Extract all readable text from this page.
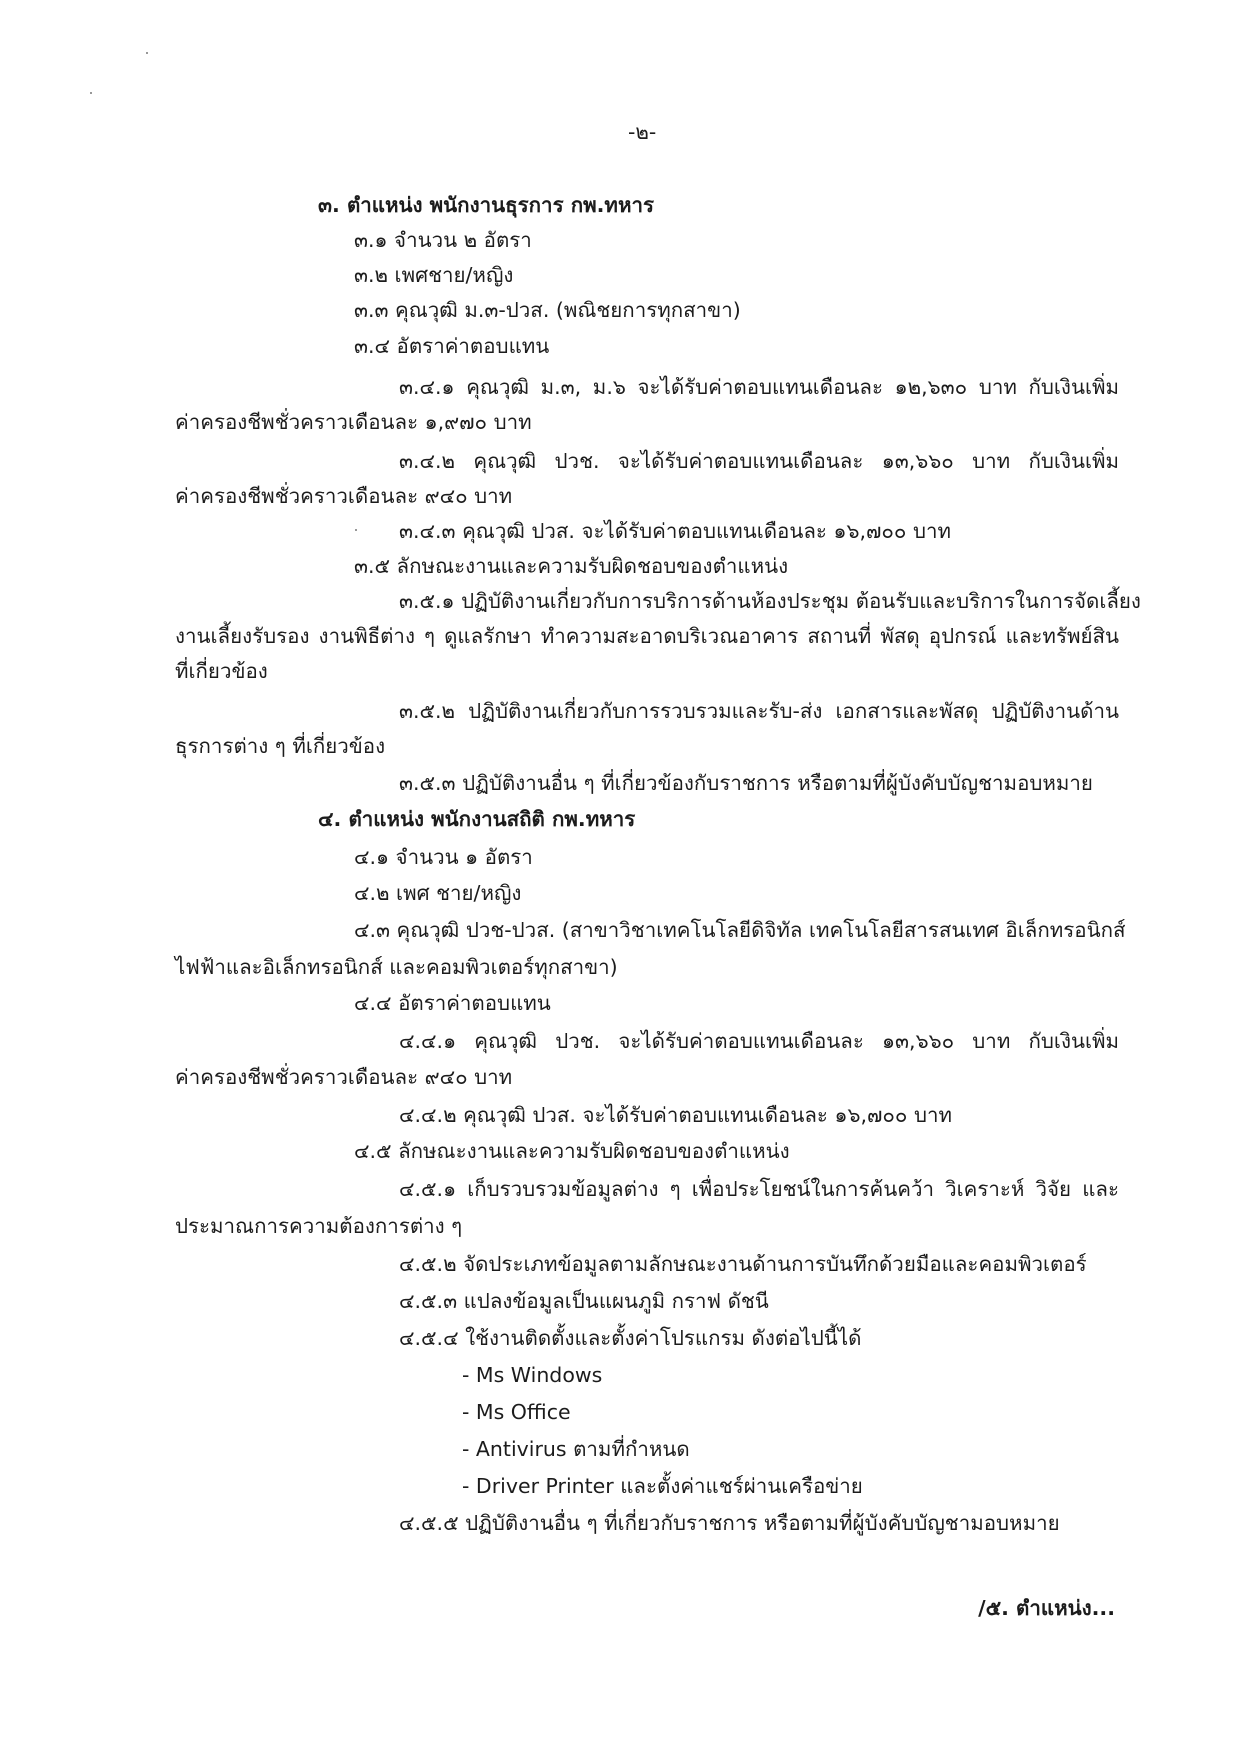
-๒-
๓. ตำแหน่ง พนักงานธุรการ กพ.ทหาร
๓.๑ จำนวน ๒ อัตรา
๓.๒ เพศชาย/หญิง
๓.๓ คุณวุฒิ ม.๓-ปวส. (พณิชยการทุกสาขา)
๓.๔ อัตราค่าตอบแทน
๓.๔.๑ คุณวุฒิ ม.๓, ม.๖ จะได้รับค่าตอบแทนเดือนละ ๑๒,๖๓๐ บาท กับเงินเพิ่ม
ค่าครองชีพชั่วคราวเดือนละ ๑,๙๗๐ บาท
๓.๔.๒ คุณวุฒิ ปวช. จะได้รับค่าตอบแทนเดือนละ ๑๓,๖๖๐ บาท กับเงินเพิ่ม
ค่าครองชีพชั่วคราวเดือนละ ๙๔๐ บาท
๓.๔.๓ คุณวุฒิ ปวส. จะได้รับค่าตอบแทนเดือนละ ๑๖,๗๐๐ บาท
๓.๕ ลักษณะงานและความรับผิดชอบของตำแหน่ง
๓.๕.๑ ปฏิบัติงานเกี่ยวกับการบริการด้านห้องประชุม ต้อนรับและบริการในการจัดเลี้ยง
งานเลี้ยงรับรอง งานพิธีต่าง ๆ ดูแลรักษา ทำความสะอาดบริเวณอาคาร สถานที่ พัสดุ อุปกรณ์ และทรัพย์สิน
ที่เกี่ยวข้อง
๓.๕.๒ ปฏิบัติงานเกี่ยวกับการรวบรวมและรับ-ส่ง เอกสารและพัสดุ ปฏิบัติงานด้าน
ธุรการต่าง ๆ ที่เกี่ยวข้อง
๓.๕.๓ ปฏิบัติงานอื่น ๆ ที่เกี่ยวข้องกับราชการ หรือตามที่ผู้บังคับบัญชามอบหมาย
๔. ตำแหน่ง พนักงานสถิติ กพ.ทหาร
๔.๑ จำนวน ๑ อัตรา
๔.๒ เพศ ชาย/หญิง
๔.๓ คุณวุฒิ ปวช-ปวส. (สาขาวิชาเทคโนโลยีดิจิทัล เทคโนโลยีสารสนเทศ อิเล็กทรอนิกส์
ไฟฟ้าและอิเล็กทรอนิกส์ และคอมพิวเตอร์ทุกสาขา)
๔.๔ อัตราค่าตอบแทน
๔.๔.๑ คุณวุฒิ ปวช. จะได้รับค่าตอบแทนเดือนละ ๑๓,๖๖๐ บาท กับเงินเพิ่ม
ค่าครองชีพชั่วคราวเดือนละ ๙๔๐ บาท
๔.๔.๒ คุณวุฒิ ปวส. จะได้รับค่าตอบแทนเดือนละ ๑๖,๗๐๐ บาท
๔.๕ ลักษณะงานและความรับผิดชอบของตำแหน่ง
๔.๕.๑ เก็บรวบรวมข้อมูลต่าง ๆ เพื่อประโยชน์ในการค้นคว้า วิเคราะห์ วิจัย และ
ประมาณการความต้องการต่าง ๆ
๔.๕.๒ จัดประเภทข้อมูลตามลักษณะงานด้านการบันทึกด้วยมือและคอมพิวเตอร์
๔.๕.๓ แปลงข้อมูลเป็นแผนภูมิ กราฟ ดัชนี
๔.๕.๔ ใช้งานติดตั้งและตั้งค่าโปรแกรม ดังต่อไปนี้ได้
- Ms Windows
- Ms Office
- Antivirus ตามที่กำหนด
- Driver Printer และตั้งค่าแชร์ผ่านเครือข่าย
๔.๕.๕ ปฏิบัติงานอื่น ๆ ที่เกี่ยวกับราชการ หรือตามที่ผู้บังคับบัญชามอบหมาย
/๕. ตำแหน่ง...
